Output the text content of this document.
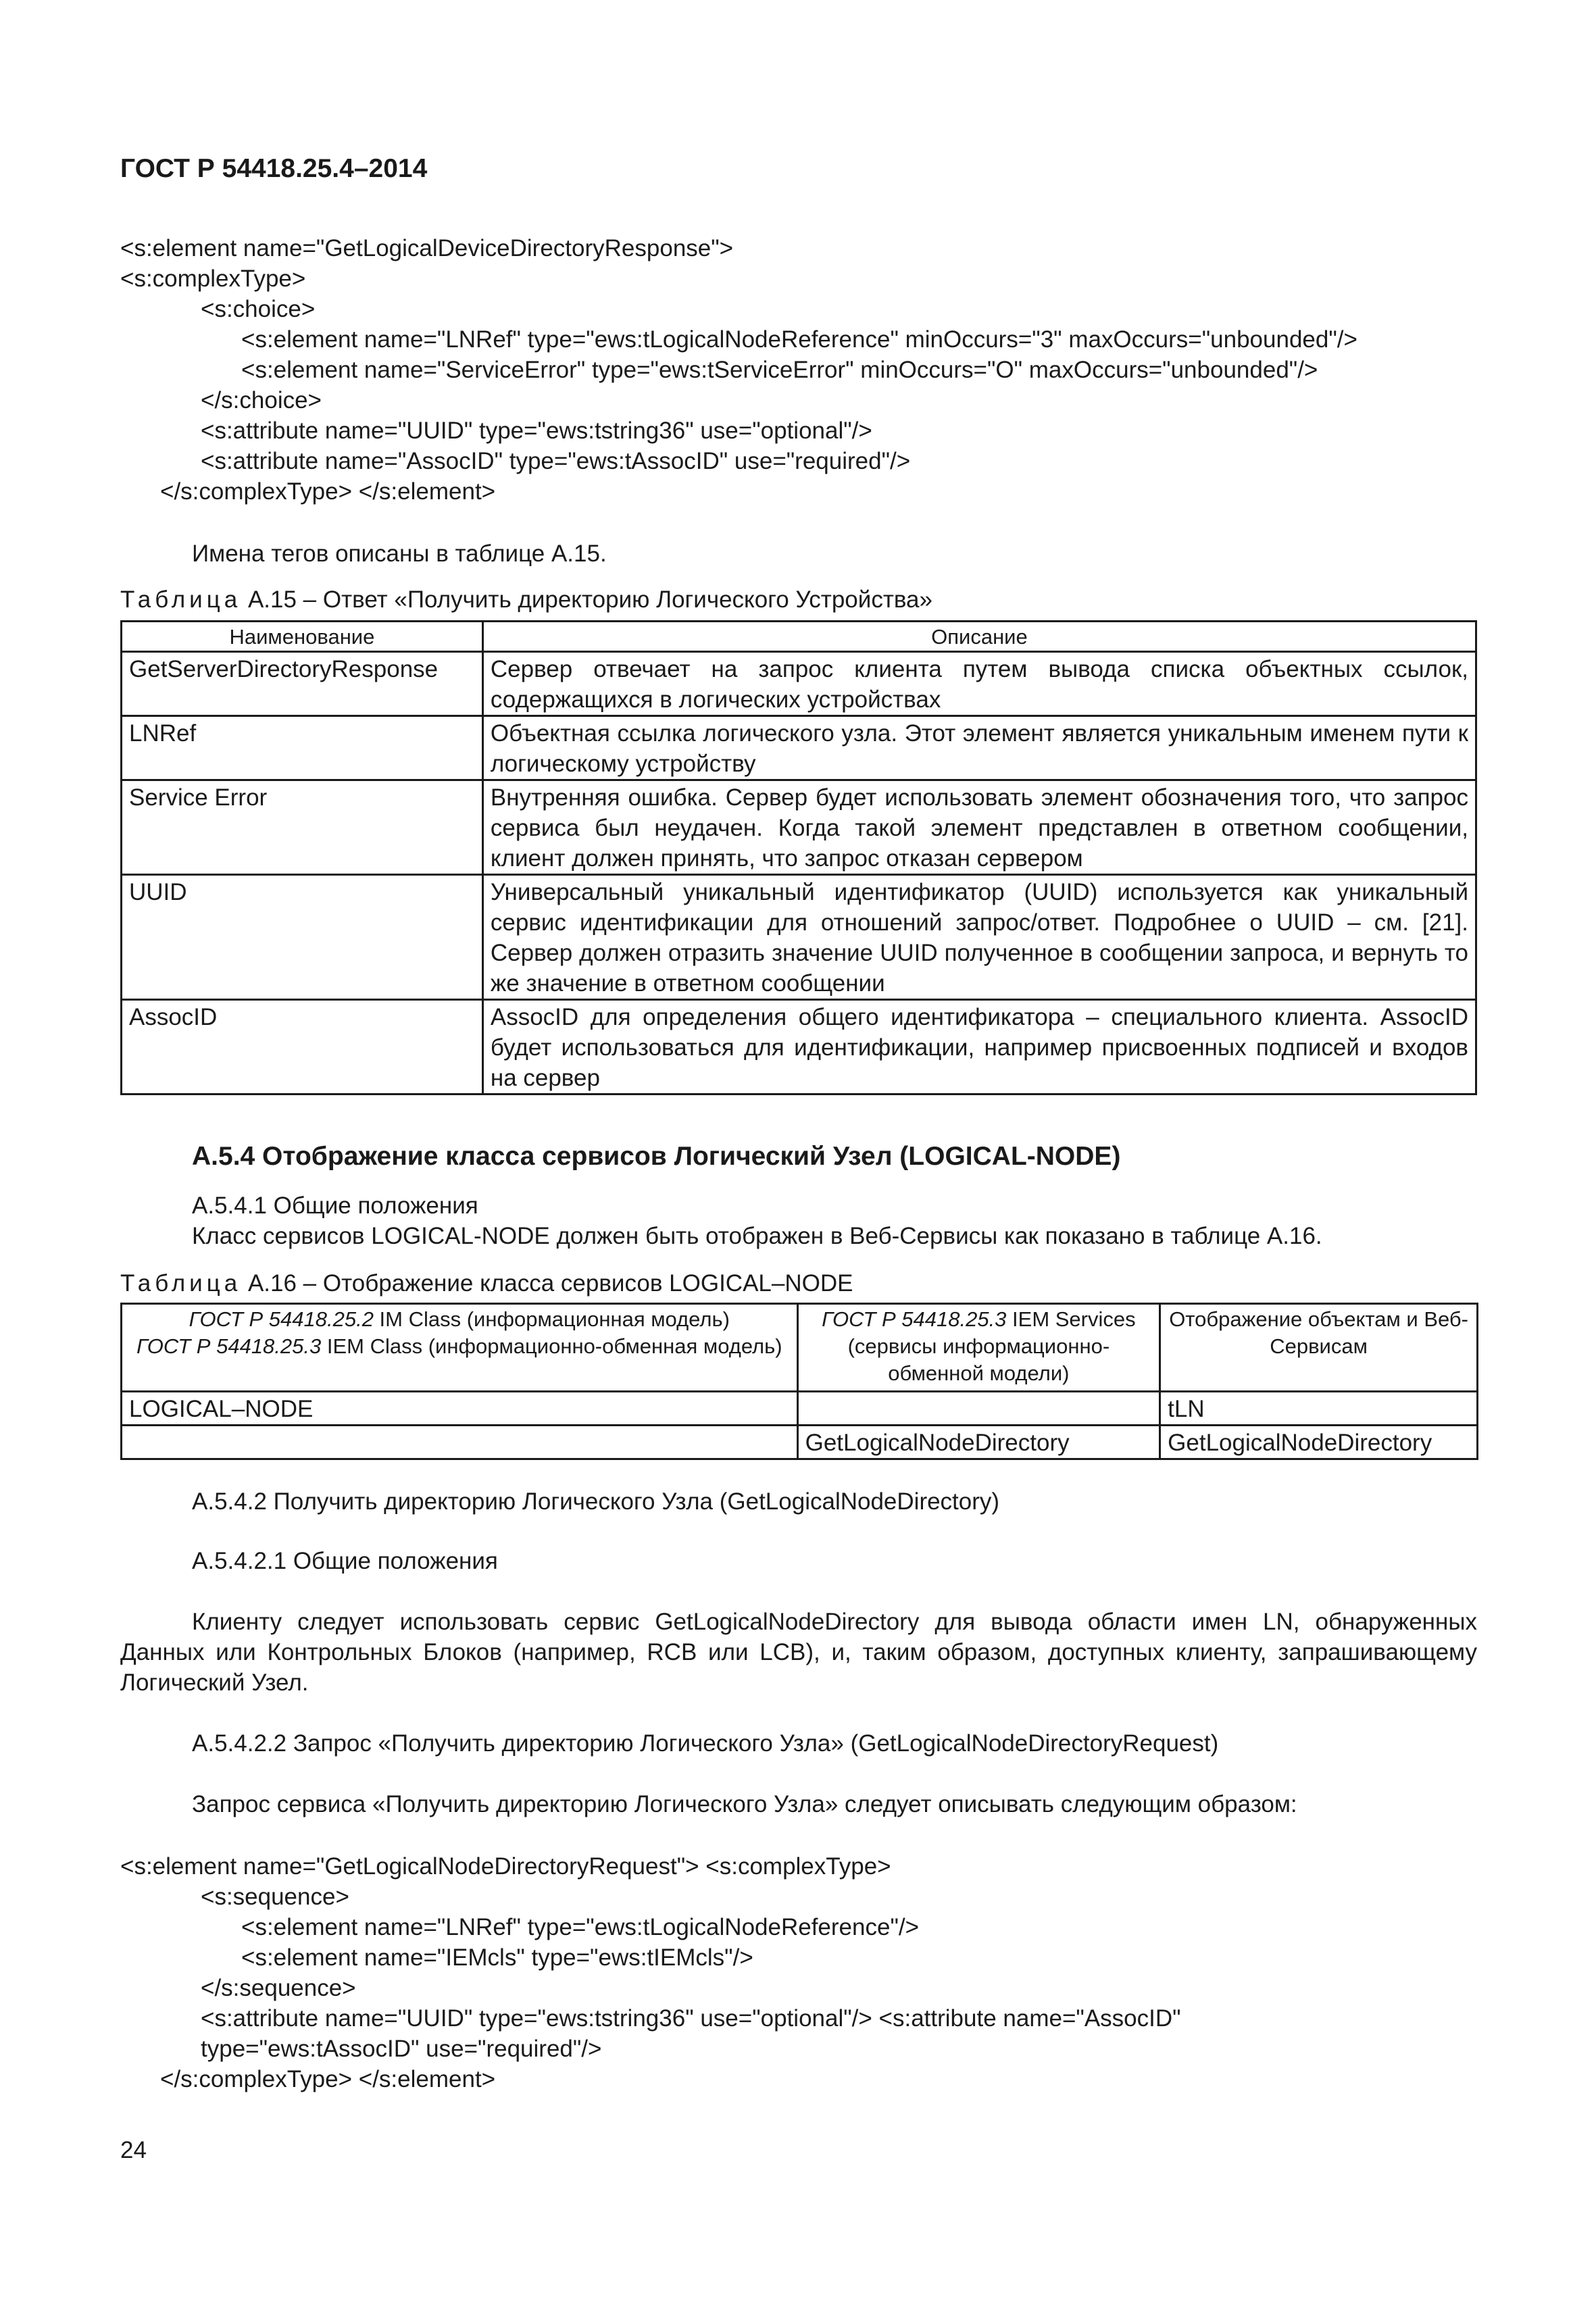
ГОСТ Р 54418.25.4–2014
<s:element name="GetLogicalDeviceDirectoryResponse">
<s:complexType>
<s:choice>
<s:element name="LNRef" type="ews:tLogicalNodeReference" minOccurs="3" maxOccurs="unbounded"/>
<s:element name="ServiceError" type="ews:tServiceError" minOccurs="O" maxOccurs="unbounded"/>
</s:choice>
<s:attribute name="UUID" type="ews:tstring36" use="optional"/>
<s:attribute name="AssocID" type="ews:tAssocID" use="required"/>
</s:complexType> </s:element>
Имена тегов описаны в таблице А.15.
Таблица А.15 – Ответ «Получить директорию Логического Устройства»
Наименование	Описание
GetServerDirectoryResponse	Сервер отвечает на запрос клиента путем вывода списка объектных ссылок, содержащихся в логических устройствах
LNRef	Объектная ссылка логического узла. Этот элемент является уникальным именем пути к логическому устройству
Service Error	Внутренняя ошибка. Сервер будет использовать элемент обозначения того, что запрос сервиса был неудачен. Когда такой элемент представлен в ответном сообщении, клиент должен принять, что запрос отказан сервером
UUID	Универсальный уникальный идентификатор (UUID) используется как уникальный сервис идентификации для отношений запрос/ответ. Подробнее о UUID – см. [21]. Сервер должен отразить значение UUID полученное в сообщении запроса, и вернуть то же значение в ответном сообщении
AssocID	AssocID для определения общего идентификатора – специального клиента. AssocID будет использоваться для идентификации, например присвоенных подписей и входов на сервер
А.5.4 Отображение класса сервисов Логический Узел (LOGICAL-NODE)
А.5.4.1 Общие положения
Класс сервисов LOGICAL-NODE должен быть отображен в Веб-Сервисы как показано в таблице А.16.
Таблица А.16 – Отображение класса сервисов LOGICAL–NODE
ГОСТ Р 54418.25.2 IM Class (информационная модель)
ГОСТ Р 54418.25.3 IEM Class (информационно-обменная модель)	ГОСТ Р 54418.25.3 IEM Services (сервисы информационно-обменной модели)	Отображение объектам и Веб-Сервисам
LOGICAL–NODE		tLN
	GetLogicalNodeDirectory	GetLogicalNodeDirectory
А.5.4.2 Получить директорию Логического Узла (GetLogicalNodeDirectory)
А.5.4.2.1 Общие положения
Клиенту следует использовать сервис GetLogicalNodeDirectory для вывода области имен LN, обнаруженных Данных или Контрольных Блоков (например, RCB или LCB), и, таким образом, доступных клиенту, запрашивающему Логический Узел.
А.5.4.2.2 Запрос «Получить директорию Логического Узла» (GetLogicalNodeDirectoryRequest)
Запрос сервиса «Получить директорию Логического Узла» следует описывать следующим образом:
<s:element name="GetLogicalNodeDirectoryRequest"> <s:complexType>
<s:sequence>
<s:element name="LNRef" type="ews:tLogicalNodeReference"/>
<s:element name="IEMcls" type="ews:tIEMcls"/>
</s:sequence>
<s:attribute name="UUID" type="ews:tstring36" use="optional"/> <s:attribute name="AssocID"
type="ews:tAssocID" use="required"/>
</s:complexType> </s:element>
24
